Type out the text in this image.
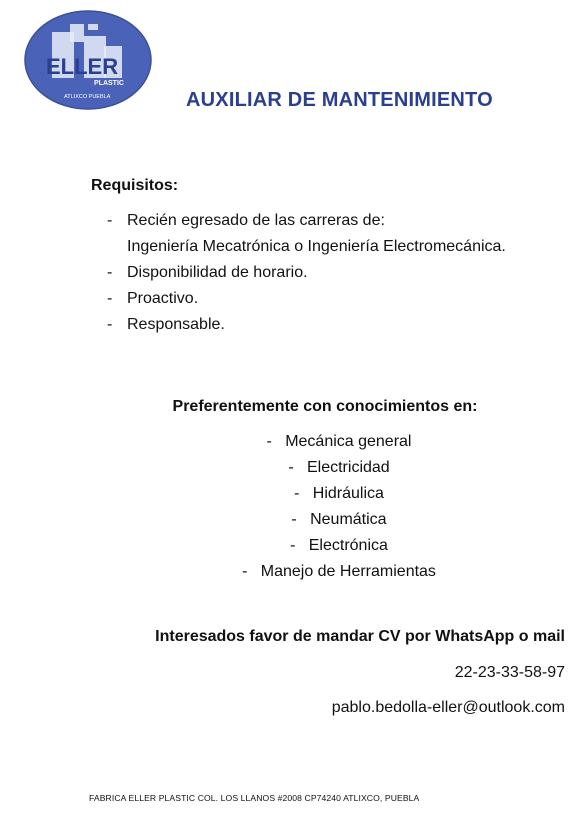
ELLER
PLASTIC
ATLIXCO PUEBLA	AUXILIAR DE MANTENIMIENTO
Requisitos:
- Recién egresado de las carreras de:
Ingeniería Mecatrónica o Ingeniería Electromecánica.
- Disponibilidad de horario.
- Proactivo.
- Responsable.
Preferentemente con conocimientos en:
-   Mecánica general
-   Electricidad
-   Hidráulica
-   Neumática
-   Electrónica
-   Manejo de Herramientas
Interesados favor de mandar CV por WhatsApp o mail
22-23-33-58-97
pablo.bedolla-eller@outlook.com
FABRICA ELLER PLASTIC COL. LOS LLANOS #2008 CP74240 ATLIXCO, PUEBLA
